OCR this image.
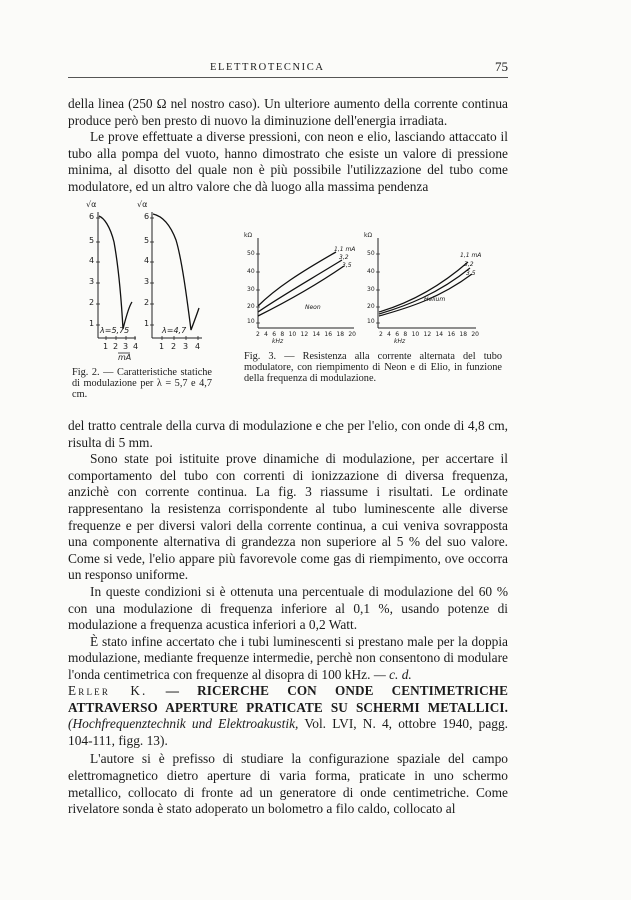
ELETTROTECNICA	75

della linea (250 Ω nel nostro caso). Un ulteriore aumento della corrente continua produce però ben presto di nuovo la diminuzione dell'energia irradiata.

Le prove effettuate a diverse pressioni, con neon e elio, lasciando attaccato il tubo alla pompa del vuoto, hanno dimostrato che esiste un valore di pressione minima, al disotto del quale non è più possibile l'utilizzazione del tubo come modulatore, ed un altro valore che dà luogo alla massima pendenza

√α
6
5
4
3
2
1
λ=5,75
1 2 3 4
mA
√α
6
5
4
3
2
1
λ=4,7
1 2 3 4
Fig. 2. — Caratteristiche statiche di modulazione per λ = 5,7 e 4,7 cm.
kΩ
50
40
30
20
10
1,1 mA
3,2
3,5
Neon
2 4 6 8 10 12 14 16 18 20
kHz
kΩ
50
40
30
20
10
1,1 mA
3,2
3,5
Helium
2 4 6 8 10 12 14 16 18 20
kHz
Fig. 3. — Resistenza alla corrente alternata del tubo modulatore, con riempimento di Neon e di Elio, in funzione della frequenza di modulazione.

del tratto centrale della curva di modulazione e che per l'elio, con onde di 4,8 cm, risulta di 5 mm.

Sono state poi istituite prove dinamiche di modulazione, per accertare il comportamento del tubo con correnti di ionizzazione di diversa frequenza, anzichè con corrente continua. La fig. 3 riassume i risultati. Le ordinate rappresentano la resistenza corrispondente al tubo luminescente alle diverse frequenze e per diversi valori della corrente continua, a cui veniva sovrapposta una componente alternativa di grandezza non superiore al 5 % del suo valore. Come si vede, l'elio appare più favorevole come gas di riempimento, ove occorra un responso uniforme.

In queste condizioni si è ottenuta una percentuale di modulazione del 60 % con una modulazione di frequenza inferiore al 0,1 %, usando potenze di modulazione a frequenza acustica inferiori a 0,2 Watt.

È stato infine accertato che i tubi luminescenti si prestano male per la doppia modulazione, mediante frequenze intermedie, perchè non consentono di modulare l'onda centimetrica con frequenze al disopra di 100 kHz. — c. d.

Erler K. — RICERCHE CON ONDE CENTIMETRICHE ATTRAVERSO APERTURE PRATICATE SU SCHERMI METALLICI. (Hochfrequenztechnik und Elektroakustik, Vol. LVI, N. 4, ottobre 1940, pagg. 104-111, figg. 13).

L'autore si è prefisso di studiare la configurazione spaziale del campo elettromagnetico dietro aperture di varia forma, praticate in uno schermo metallico, collocato di fronte ad un generatore di onde centimetriche. Come rivelatore sonda è stato adoperato un bolometro a filo caldo, collocato al
